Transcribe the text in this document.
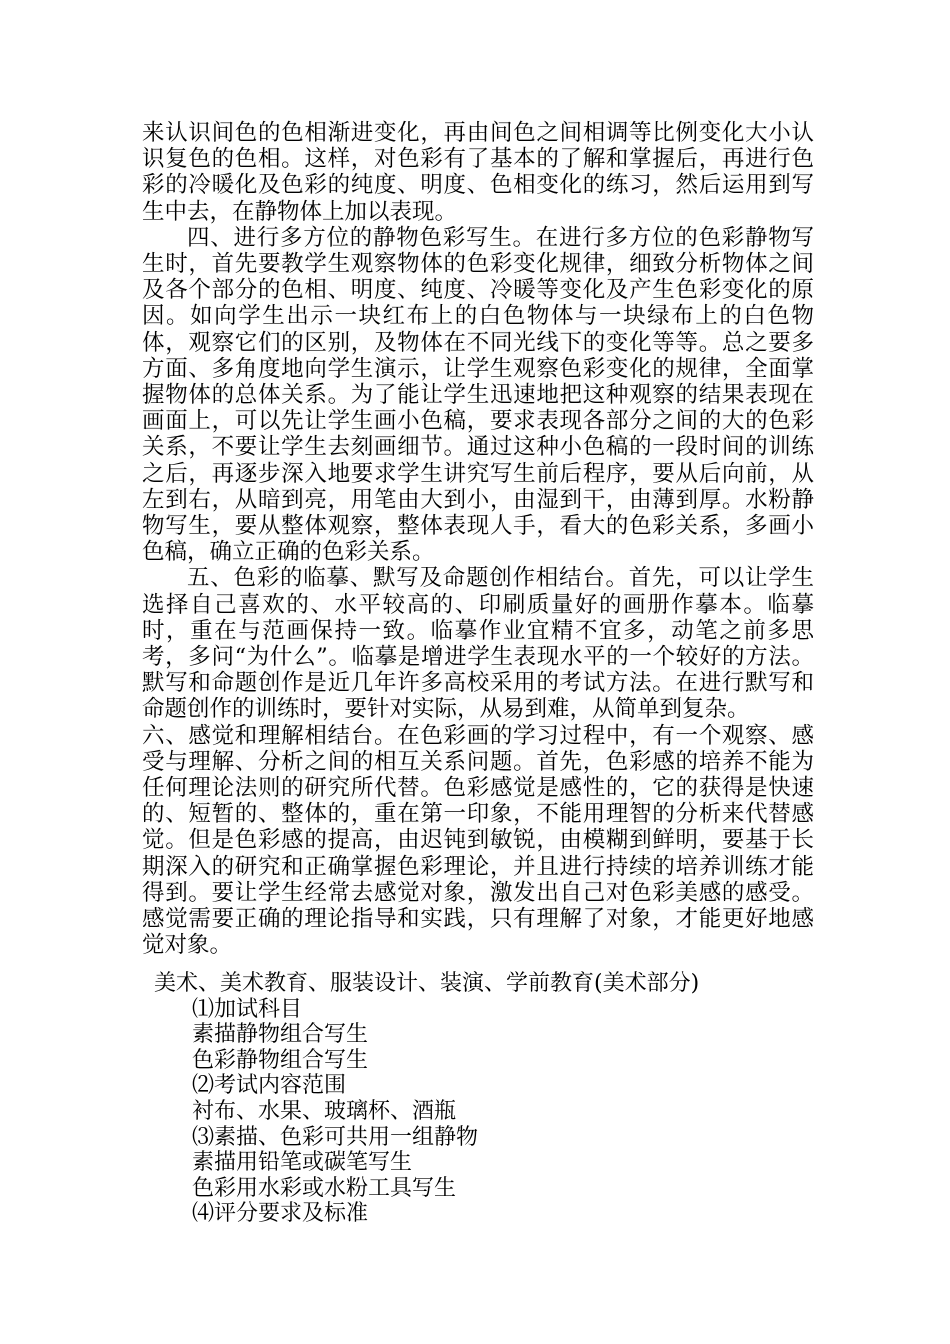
来认识间色的色相渐进变化，再由间色之间相调等比例变化大小认识复色的色相。这样，对色彩有了基本的了解和掌握后，再进行色彩的冷暖化及色彩的纯度、明度、色相变化的练习，然后运用到写生中去，在静物体上加以表现。

四、进行多方位的静物色彩写生。在进行多方位的色彩静物写生时，首先要教学生观察物体的色彩变化规律，细致分析物体之间及各个部分的色相、明度、纯度、冷暖等变化及产生色彩变化的原因。如向学生出示一块红布上的白色物体与一块绿布上的白色物体，观察它们的区别，及物体在不同光线下的变化等等。总之要多方面、多角度地向学生演示，让学生观察色彩变化的规律，全面掌握物体的总体关系。为了能让学生迅速地把这种观察的结果表现在画面上，可以先让学生画小色稿，要求表现各部分之间的大的色彩关系，不要让学生去刻画细节。通过这种小色稿的一段时间的训练之后，再逐步深入地要求学生讲究写生前后程序，要从后向前，从左到右，从暗到亮，用笔由大到小，由湿到干，由薄到厚。水粉静物写生，要从整体观察，整体表现人手，看大的色彩关系，多画小色稿，确立正确的色彩关系。

五、色彩的临摹、默写及命题创作相结台。首先，可以让学生选择自己喜欢的、水平较高的、印刷质量好的画册作摹本。临摹时，重在与范画保持一致。临摹作业宜精不宜多，动笔之前多思考，多问“为什么”。临摹是增进学生表现水平的一个较好的方法。默写和命题创作是近几年许多高校采用的考试方法。在进行默写和命题创作的训练时，要针对实际，从易到难，从简单到复杂。

六、感觉和理解相结台。在色彩画的学习过程中，有一个观察、感受与理解、分析之间的相互关系问题。首先，色彩感的培养不能为任何理论法则的研究所代替。色彩感觉是感性的，它的获得是快速的、短暂的、整体的，重在第一印象，不能用理智的分析来代替感觉。但是色彩感的提高，由迟钝到敏锐，由模糊到鲜明，要基于长期深入的研究和正确掌握色彩理论，并且进行持续的培养训练才能得到。要让学生经常去感觉对象，激发出自己对色彩美感的感受。感觉需要正确的理论指导和实践，只有理解了对象，才能更好地感觉对象。

美术、美术教育、服装设计、装演、学前教育(美术部分)

⑴加试科目
素描静物组合写生
色彩静物组合写生
⑵考试内容范围
衬布、水果、玻璃杯、酒瓶
⑶素描、色彩可共用一组静物
素描用铅笔或碳笔写生
色彩用水彩或水粉工具写生
⑷评分要求及标准
